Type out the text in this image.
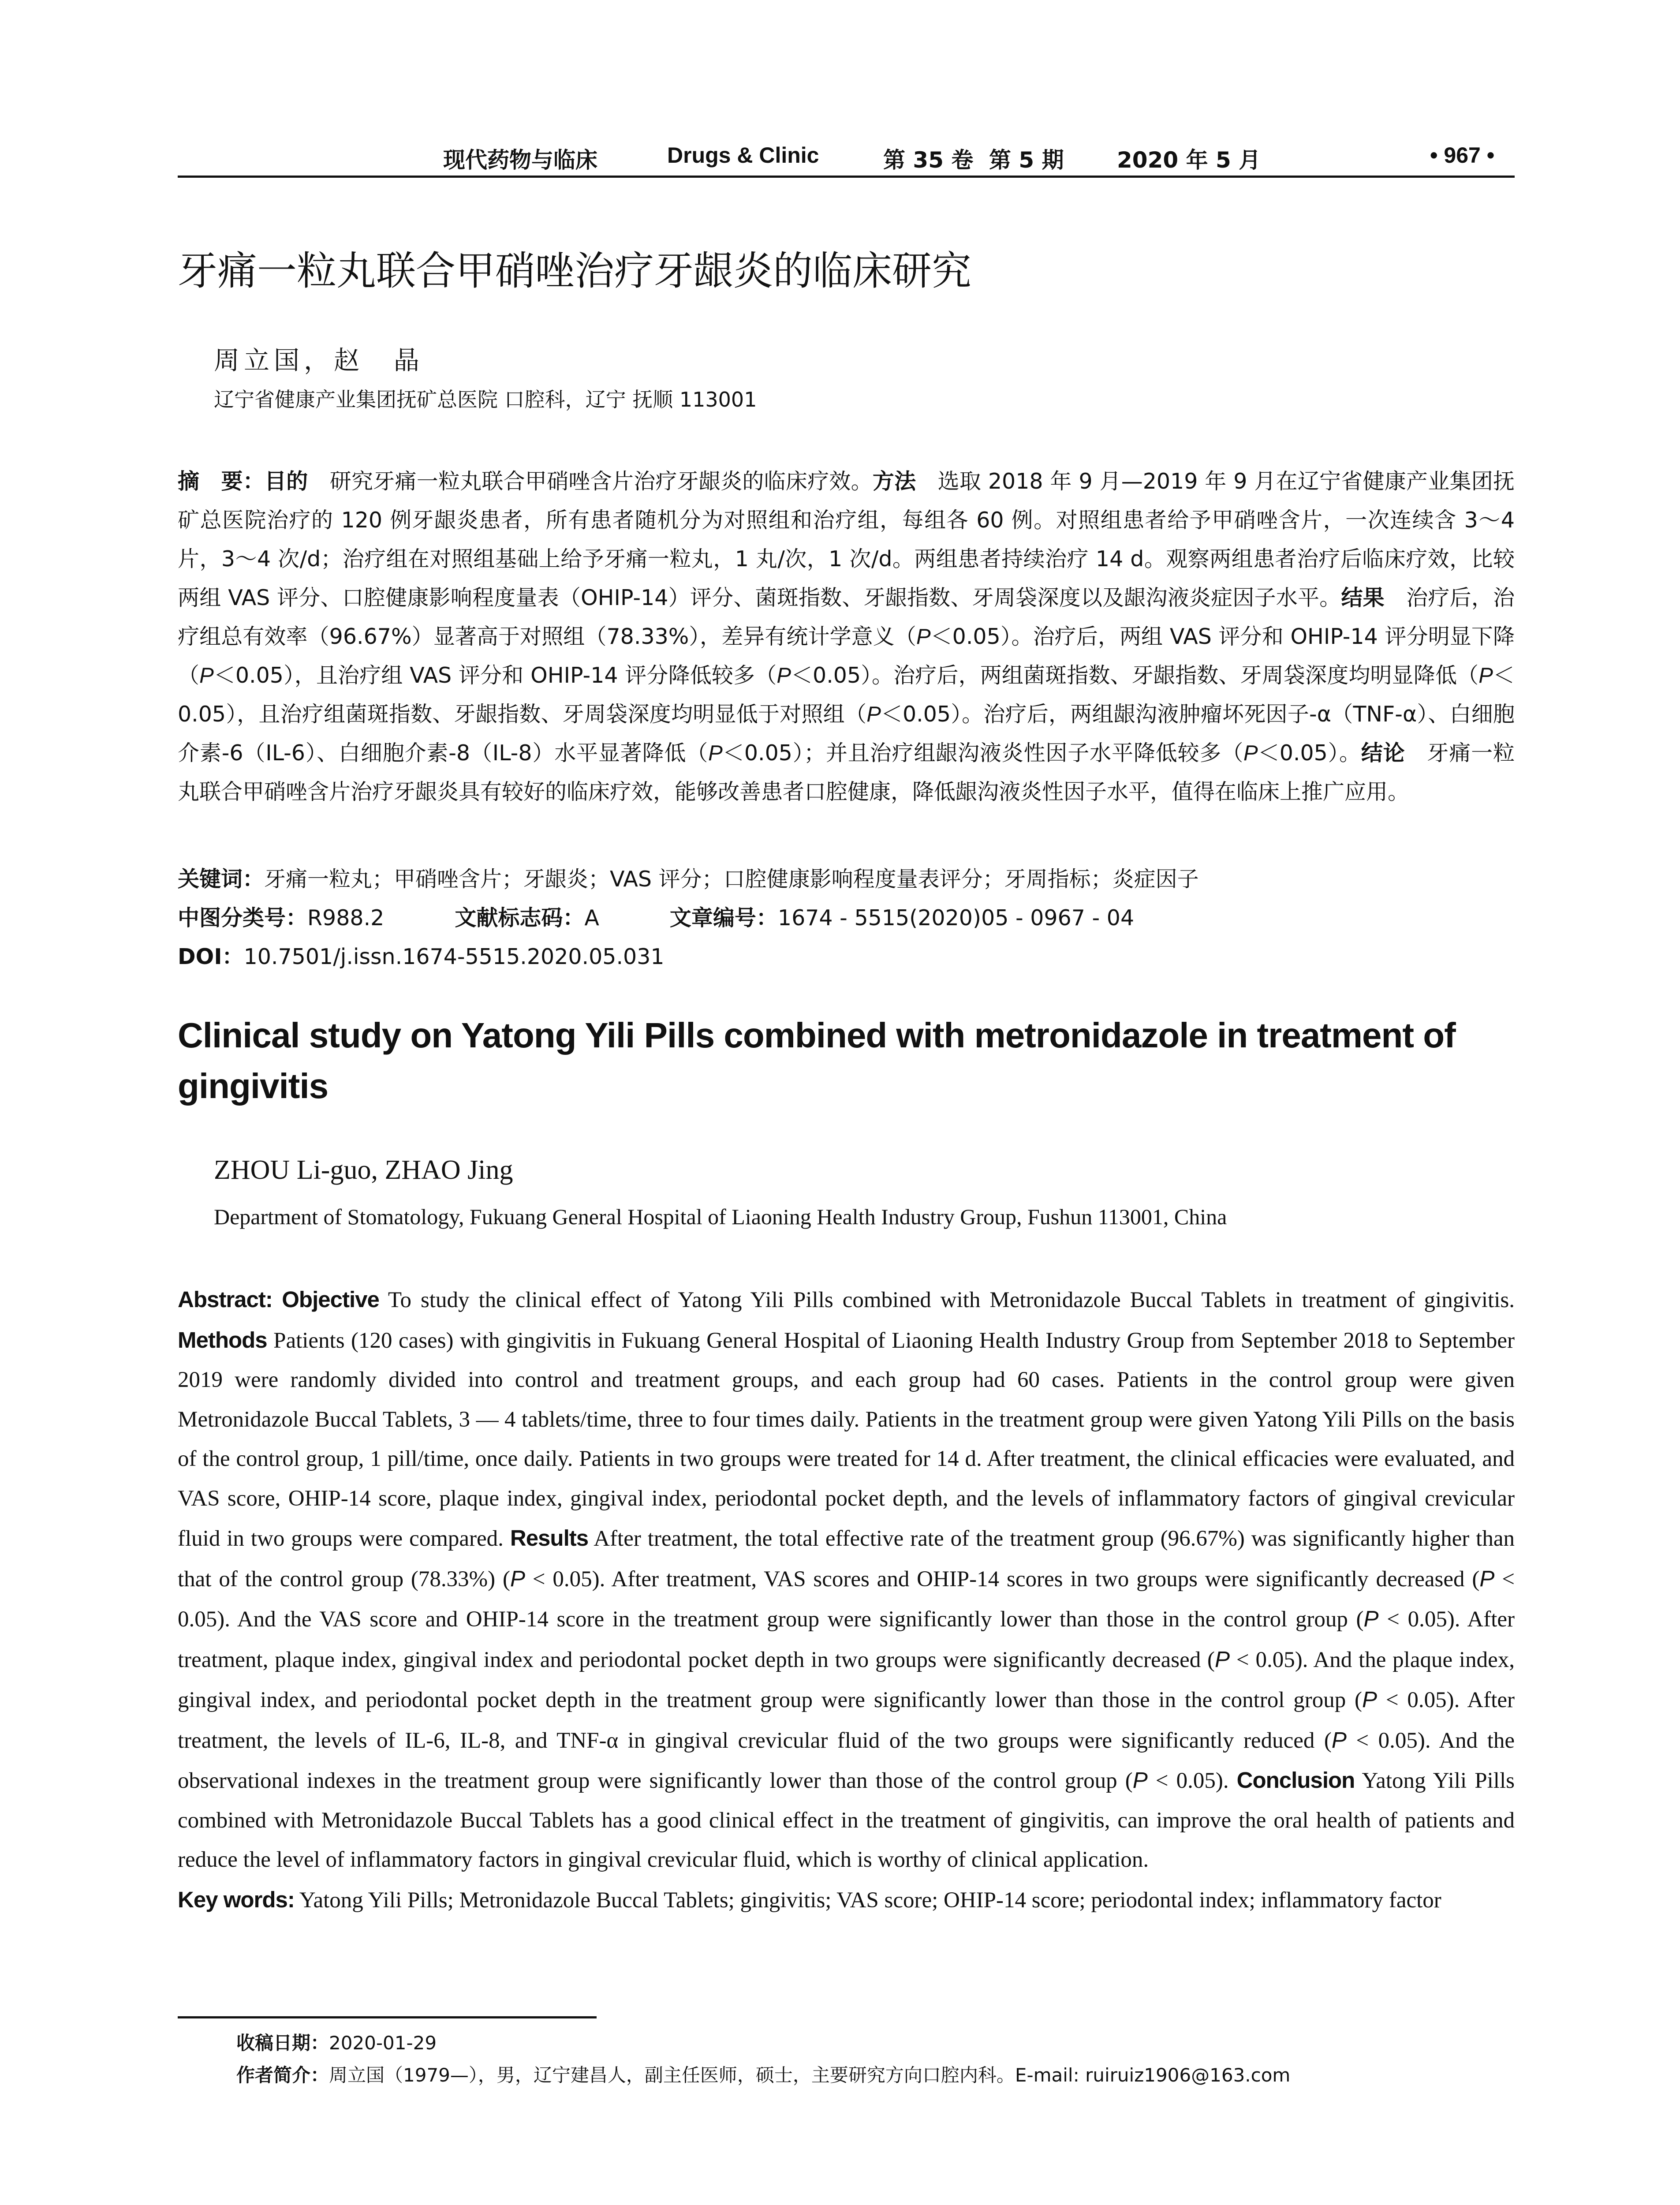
现代药物与临床	Drugs & Clinic	第 35 卷 第 5 期 2020 年 5 月	• 967 •
牙痛一粒丸联合甲硝唑治疗牙龈炎的临床研究
周立国，赵　晶
辽宁省健康产业集团抚矿总医院 口腔科，辽宁 抚顺 113001
摘　要：目的　研究牙痛一粒丸联合甲硝唑含片治疗牙龈炎的临床疗效。方法　选取 2018 年 9 月—2019 年 9 月在辽宁省健康产业集团抚矿总医院治疗的 120 例牙龈炎患者，所有患者随机分为对照组和治疗组，每组各 60 例。对照组患者给予甲硝唑含片，一次连续含 3～4 片，3～4 次/d；治疗组在对照组基础上给予牙痛一粒丸，1 丸/次，1 次/d。两组患者持续治疗 14 d。观察两组患者治疗后临床疗效，比较两组 VAS 评分、口腔健康影响程度量表（OHIP-14）评分、菌斑指数、牙龈指数、牙周袋深度以及龈沟液炎症因子水平。结果　治疗后，治疗组总有效率（96.67%）显著高于对照组（78.33%），差异有统计学意义（P＜0.05）。治疗后，两组 VAS 评分和 OHIP-14 评分明显下降（P＜0.05），且治疗组 VAS 评分和 OHIP-14 评分降低较多（P＜0.05）。治疗后，两组菌斑指数、牙龈指数、牙周袋深度均明显降低（P＜0.05），且治疗组菌斑指数、牙龈指数、牙周袋深度均明显低于对照组（P＜0.05）。治疗后，两组龈沟液肿瘤坏死因子-α（TNF-α）、白细胞介素-6（IL-6）、白细胞介素-8（IL-8）水平显著降低（P＜0.05）；并且治疗组龈沟液炎性因子水平降低较多（P＜0.05）。结论　牙痛一粒丸联合甲硝唑含片治疗牙龈炎具有较好的临床疗效，能够改善患者口腔健康，降低龈沟液炎性因子水平，值得在临床上推广应用。
关键词：牙痛一粒丸；甲硝唑含片；牙龈炎；VAS 评分；口腔健康影响程度量表评分；牙周指标；炎症因子
中图分类号：R988.2	文献标志码：A	文章编号：1674 - 5515(2020)05 - 0967 - 04
DOI：10.7501/j.issn.1674-5515.2020.05.031
Clinical study on Yatong Yili Pills combined with metronidazole in treatment of gingivitis
ZHOU Li-guo, ZHAO Jing
Department of Stomatology, Fukuang General Hospital of Liaoning Health Industry Group, Fushun 113001, China
Abstract: Objective To study the clinical effect of Yatong Yili Pills combined with Metronidazole Buccal Tablets in treatment of gingivitis. Methods Patients (120 cases) with gingivitis in Fukuang General Hospital of Liaoning Health Industry Group from September 2018 to September 2019 were randomly divided into control and treatment groups, and each group had 60 cases. Patients in the control group were given Metronidazole Buccal Tablets, 3 — 4 tablets/time, three to four times daily. Patients in the treatment group were given Yatong Yili Pills on the basis of the control group, 1 pill/time, once daily. Patients in two groups were treated for 14 d. After treatment, the clinical efficacies were evaluated, and VAS score, OHIP-14 score, plaque index, gingival index, periodontal pocket depth, and the levels of inflammatory factors of gingival crevicular fluid in two groups were compared. Results After treatment, the total effective rate of the treatment group (96.67%) was significantly higher than that of the control group (78.33%) (P < 0.05). After treatment, VAS scores and OHIP-14 scores in two groups were significantly decreased (P < 0.05). And the VAS score and OHIP-14 score in the treatment group were significantly lower than those in the control group (P < 0.05). After treatment, plaque index, gingival index and periodontal pocket depth in two groups were significantly decreased (P < 0.05). And the plaque index, gingival index, and periodontal pocket depth in the treatment group were significantly lower than those in the control group (P < 0.05). After treatment, the levels of IL-6, IL-8, and TNF-α in gingival crevicular fluid of the two groups were significantly reduced (P < 0.05). And the observational indexes in the treatment group were significantly lower than those of the control group (P < 0.05). Conclusion Yatong Yili Pills combined with Metronidazole Buccal Tablets has a good clinical effect in the treatment of gingivitis, can improve the oral health of patients and reduce the level of inflammatory factors in gingival crevicular fluid, which is worthy of clinical application.
Key words: Yatong Yili Pills; Metronidazole Buccal Tablets; gingivitis; VAS score; OHIP-14 score; periodontal index; inflammatory factor
收稿日期：2020-01-29
作者简介：周立国（1979—），男，辽宁建昌人，副主任医师，硕士，主要研究方向口腔内科。E-mail: ruiruiz1906@163.com
